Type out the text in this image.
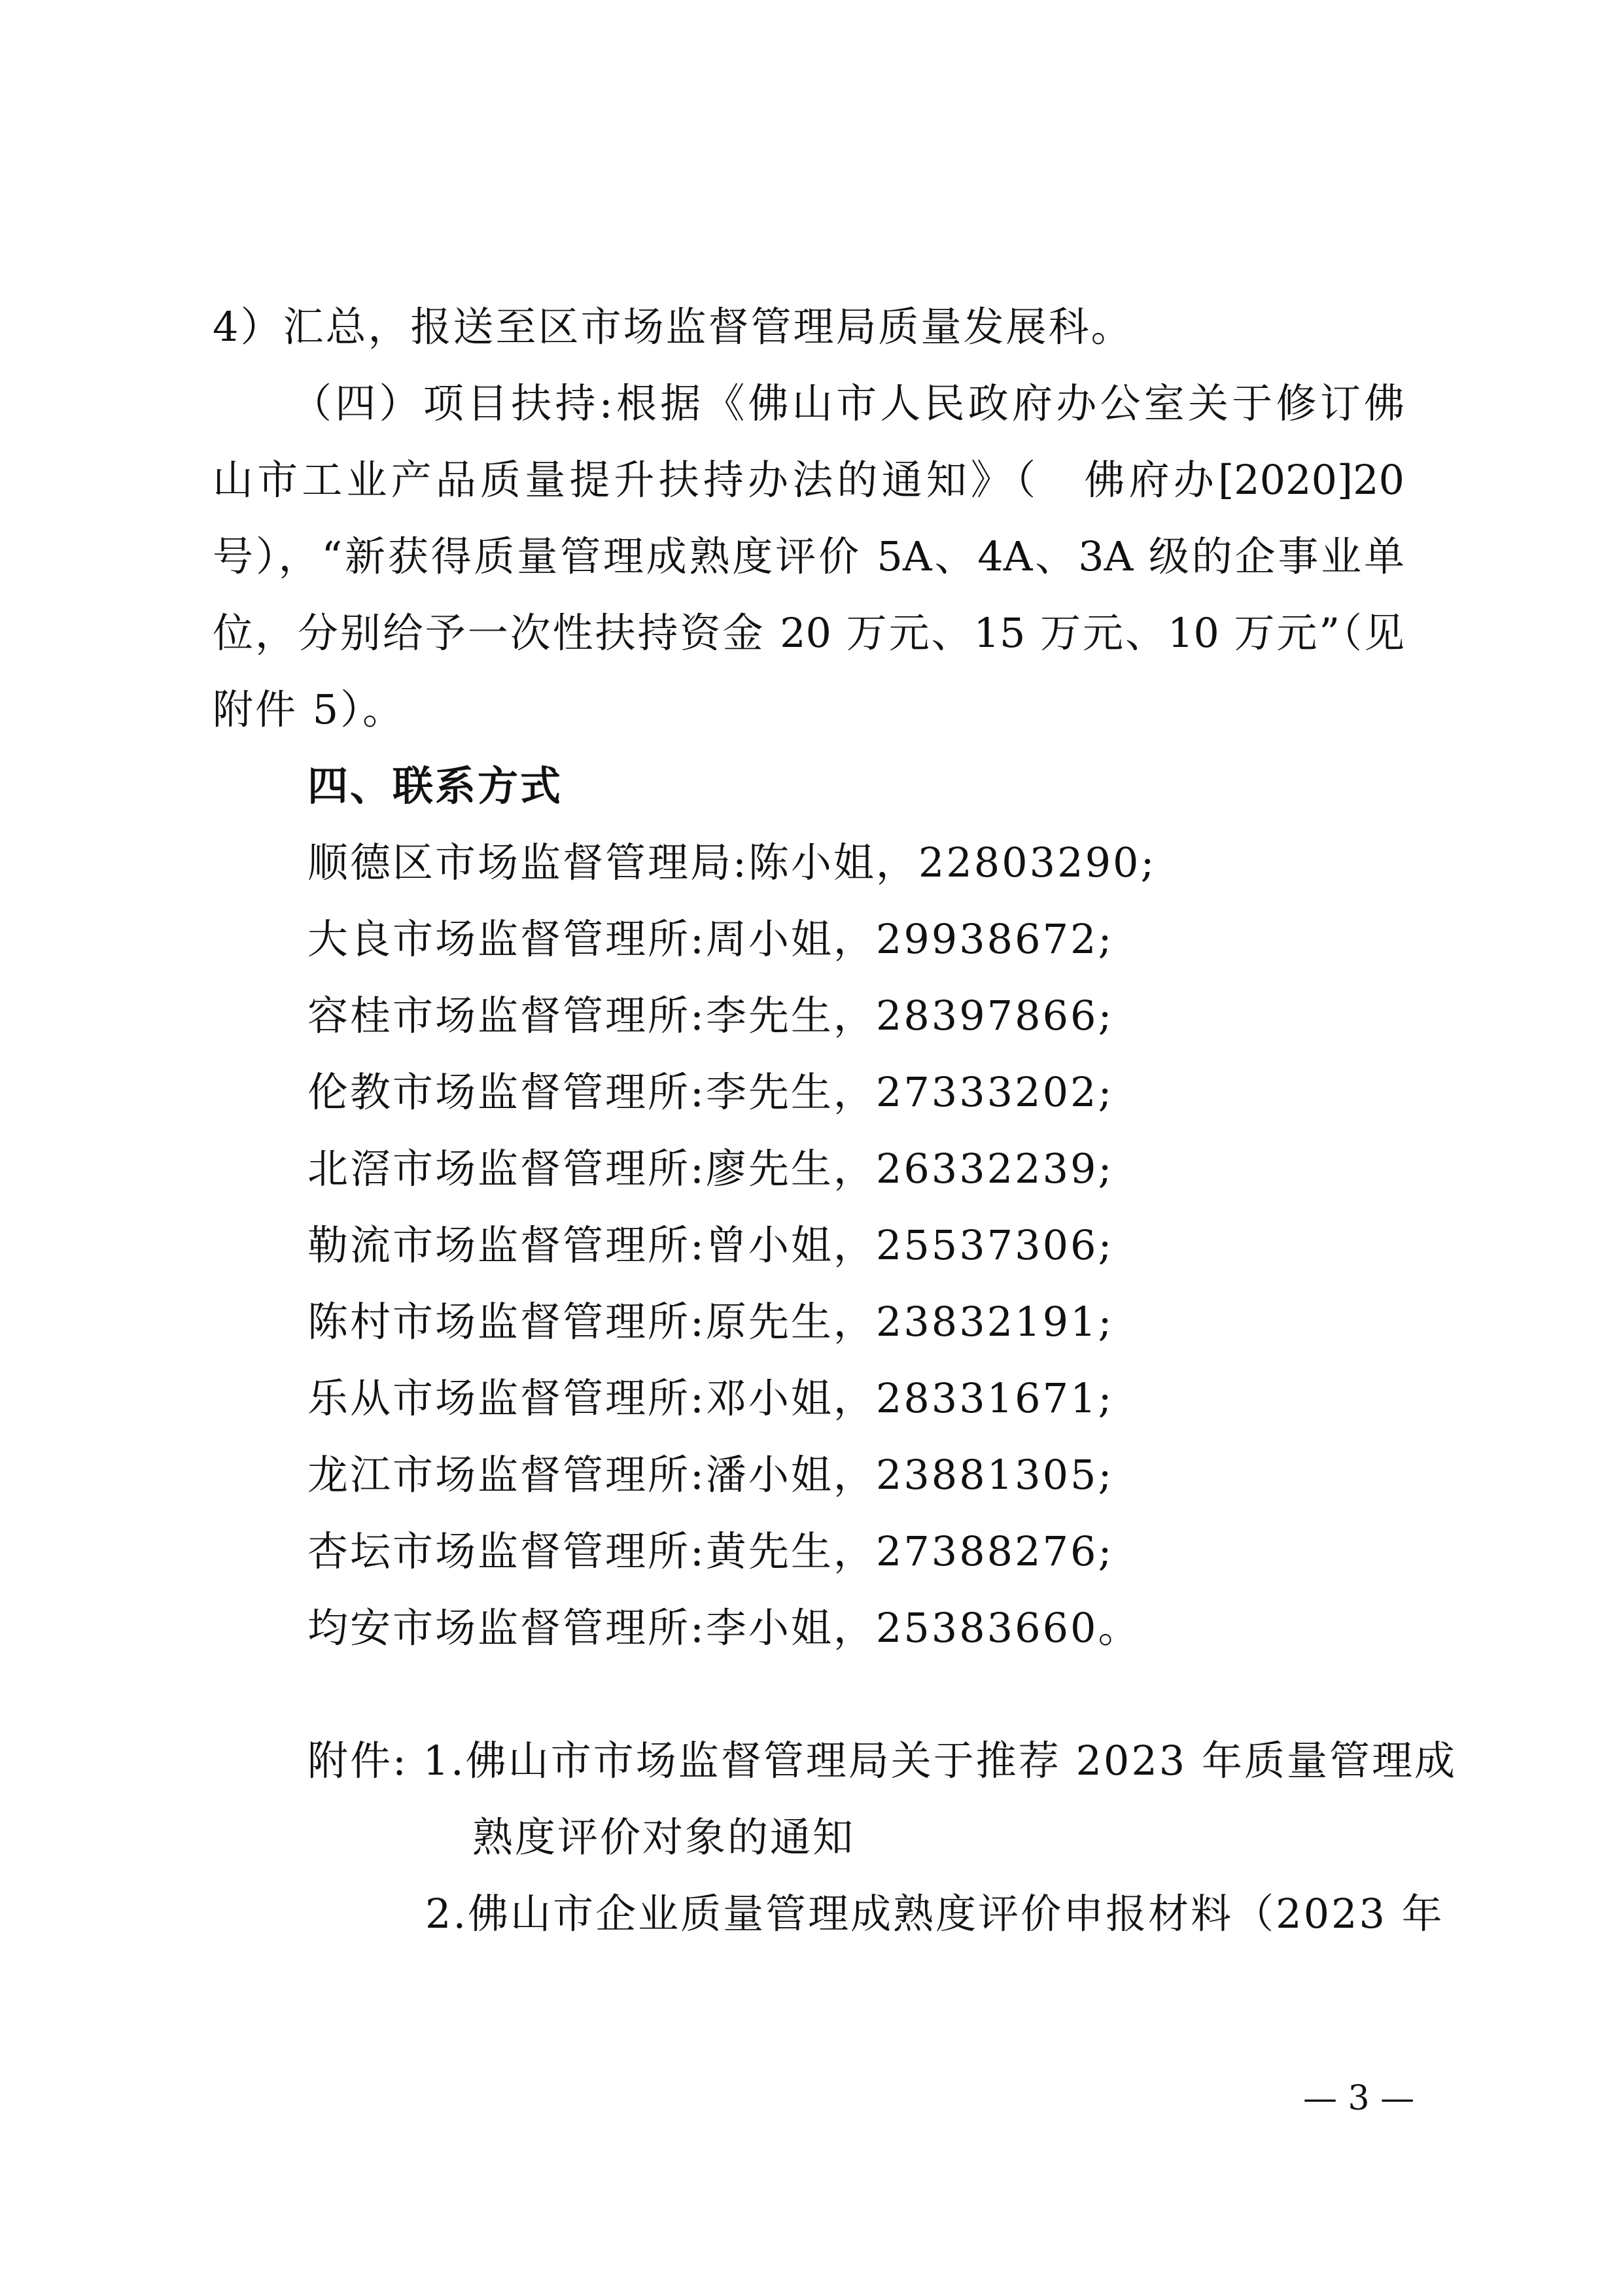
4）汇总，报送至区市场监督管理局质量发展科。
（四）项目扶持:根据《佛山市人民政府办公室关于修订佛
山市工业产品质量提升扶持办法的通知》（　佛府办[2020]20
号），“新获得质量管理成熟度评价 5A、4A、3A 级的企事业单
位，分别给予一次性扶持资金 20 万元、15 万元、10 万元”（见
附件 5）。
四、联系方式
顺德区市场监督管理局:陈小姐，22803290;
大良市场监督管理所:周小姐，29938672;
容桂市场监督管理所:李先生，28397866;
伦教市场监督管理所:李先生，27333202;
北滘市场监督管理所:廖先生，26332239;
勒流市场监督管理所:曾小姐，25537306;
陈村市场监督管理所:原先生，23832191;
乐从市场监督管理所:邓小姐，28331671;
龙江市场监督管理所:潘小姐，23881305;
杏坛市场监督管理所:黄先生，27388276;
均安市场监督管理所:李小姐，25383660。
附件: 1.佛山市市场监督管理局关于推荐 2023 年质量管理成
熟度评价对象的通知
2.佛山市企业质量管理成熟度评价申报材料（2023 年
— 3 —
